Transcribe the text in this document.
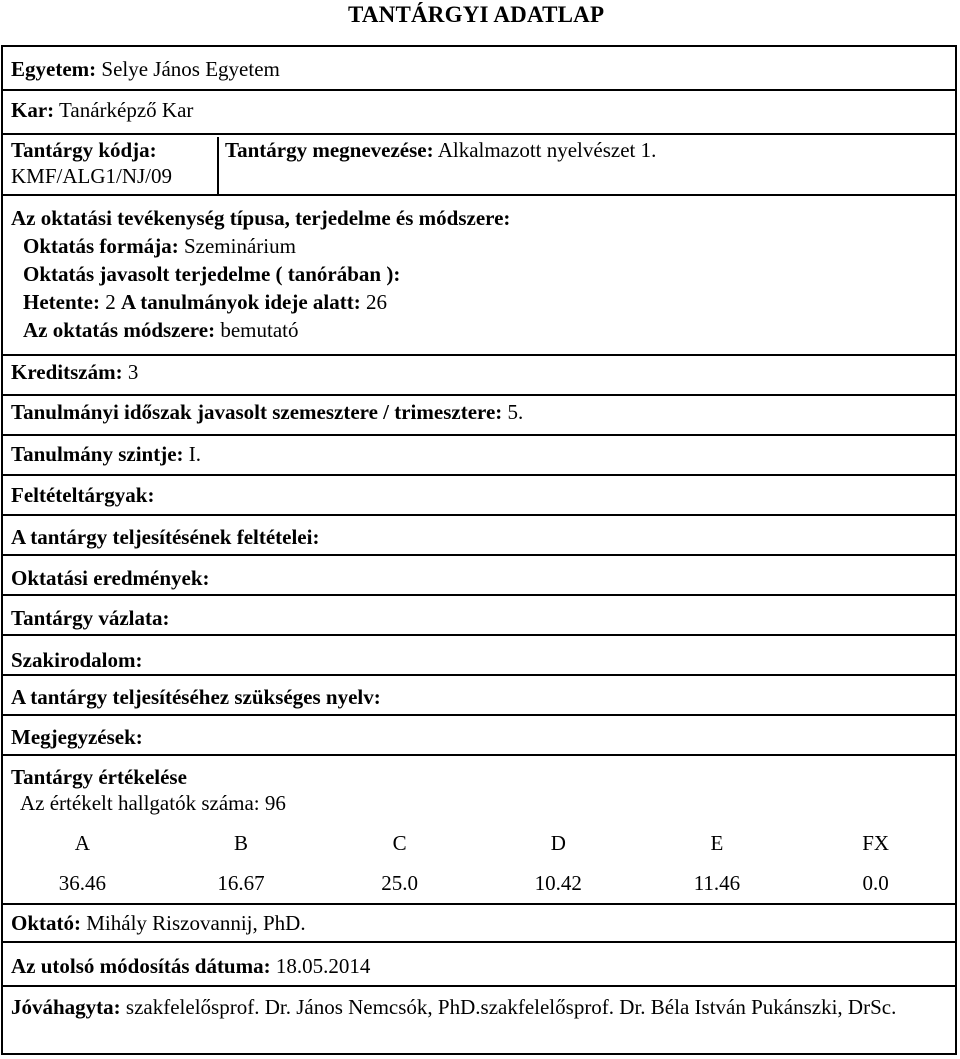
TANTÁRGYI ADATLAP
Egyetem: Selye János Egyetem
Kar: Tanárképző Kar
Tantárgy kódja:
KMF/ALG1/NJ/09
Tantárgy megnevezése: Alkalmazott nyelvészet 1.
Az oktatási tevékenység típusa, terjedelme és módszere:
Oktatás formája: Szeminárium
Oktatás javasolt terjedelme ( tanórában ):
Hetente: 2 A tanulmányok ideje alatt: 26
Az oktatás módszere: bemutató
Kreditszám: 3
Tanulmányi időszak javasolt szemesztere / trimesztere: 5.
Tanulmány szintje: I.
Feltételtárgyak:
A tantárgy teljesítésének feltételei:
Oktatási eredmények:
Tantárgy vázlata:
Szakirodalom:
A tantárgy teljesítéséhez szükséges nyelv:
Megjegyzések:
Tantárgy értékelése
Az értékelt hallgatók száma: 96
A	B	C	D	E	FX
36.46	16.67	25.0	10.42	11.46	0.0
Oktató: Mihály Riszovannij, PhD.
Az utolsó módosítás dátuma: 18.05.2014
Jóváhagyta: szakfelelősprof. Dr. János Nemcsók, PhD.szakfelelősprof. Dr. Béla István Pukánszki, DrSc.
